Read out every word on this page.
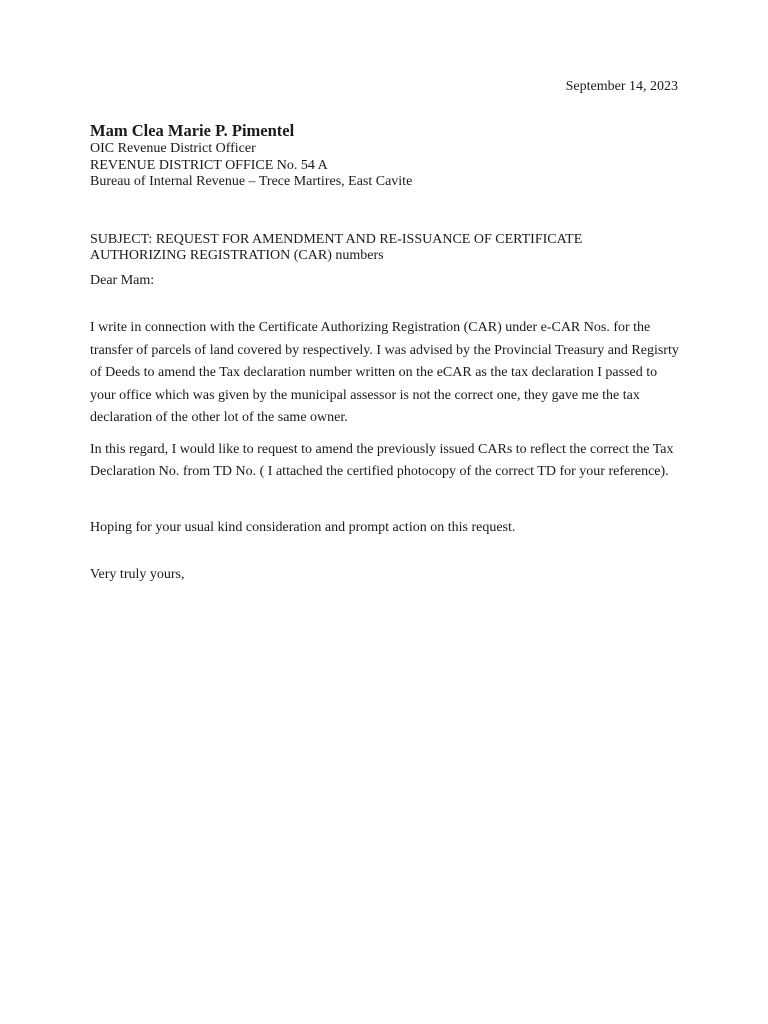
September 14, 2023
Mam Clea Marie P. Pimentel
OIC Revenue District Officer
REVENUE DISTRICT OFFICE No. 54 A
Bureau of Internal Revenue – Trece Martires, East Cavite
SUBJECT: REQUEST FOR AMENDMENT AND RE-ISSUANCE OF CERTIFICATE
AUTHORIZING REGISTRATION (CAR) numbers
Dear Mam:

I write in connection with the Certificate Authorizing Registration (CAR) under e-CAR Nos. for the transfer of parcels of land covered by respectively. I was advised by the Provincial Treasury and Regisrty of Deeds to amend the Tax declaration number written on the eCAR as the tax declaration I passed to your office which was given by the municipal assessor is not the correct one, they gave me the tax declaration of the other lot of the same owner.

In this regard, I would like to request to amend the previously issued CARs to reflect the correct the Tax Declaration No. from TD No. ( I attached the certified photocopy of the correct TD for your reference).

Hoping for your usual kind consideration and prompt action on this request.

Very truly yours,
